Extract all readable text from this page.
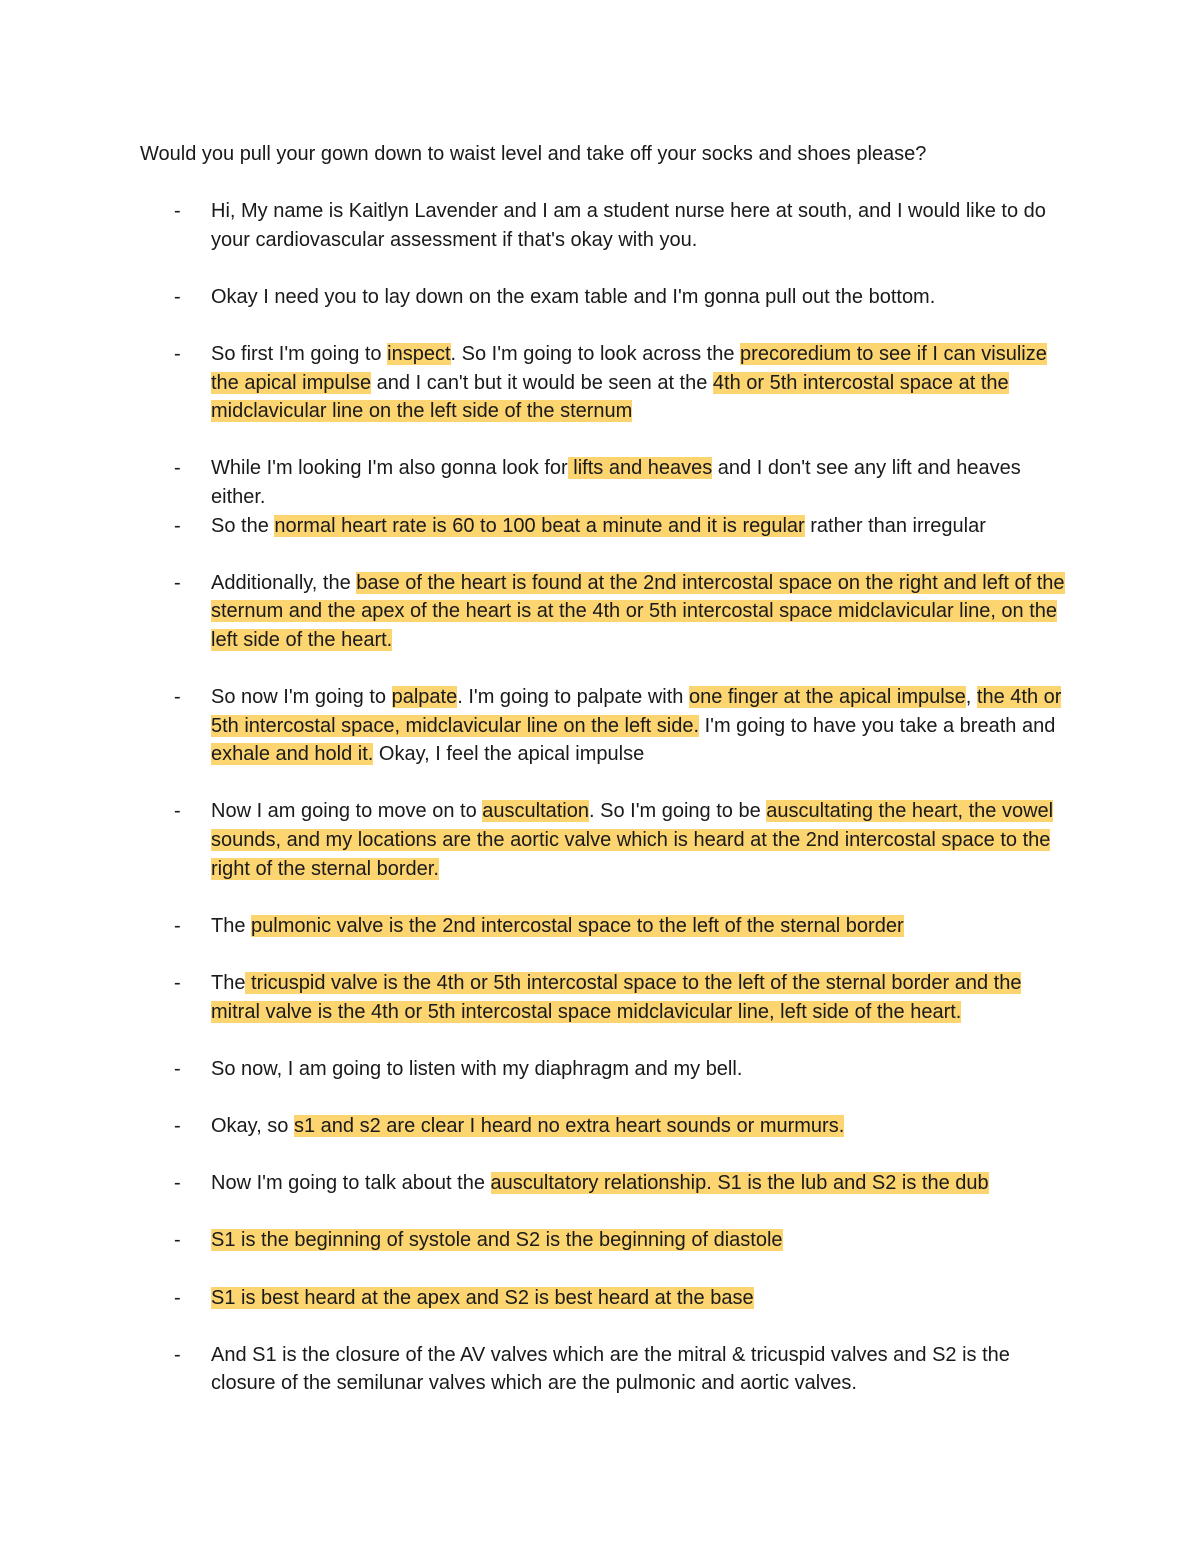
Would you pull your gown down to waist level and take off your socks and shoes please?

- Hi, My name is Kaitlyn Lavender and I am a student nurse here at south, and I would like to do your cardiovascular assessment if that's okay with you.
- Okay I need you to lay down on the exam table and I'm gonna pull out the bottom.
- So first I'm going to inspect. So I'm going to look across the precoredium to see if I can visulize the apical impulse and I can't but it would be seen at the 4th or 5th intercostal space at the midclavicular line on the left side of the sternum
- While I'm looking I'm also gonna look for lifts and heaves and I don't see any lift and heaves either.
- So the normal heart rate is 60 to 100 beat a minute and it is regular rather than irregular
- Additionally, the base of the heart is found at the 2nd intercostal space on the right and left of the sternum and the apex of the heart is at the 4th or 5th intercostal space midclavicular line, on the left side of the heart.
- So now I'm going to palpate. I'm going to palpate with one finger at the apical impulse, the 4th or 5th intercostal space, midclavicular line on the left side. I'm going to have you take a breath and exhale and hold it. Okay, I feel the apical impulse
- Now I am going to move on to auscultation. So I'm going to be auscultating the heart, the vowel sounds, and my locations are the aortic valve which is heard at the 2nd intercostal space to the right of the sternal border.
- The pulmonic valve is the 2nd intercostal space to the left of the sternal border
- The tricuspid valve is the 4th or 5th intercostal space to the left of the sternal border and the mitral valve is the 4th or 5th intercostal space midclavicular line, left side of the heart.
- So now, I am going to listen with my diaphragm and my bell.
- Okay, so s1 and s2 are clear I heard no extra heart sounds or murmurs.
- Now I'm going to talk about the auscultatory relationship. S1 is the lub and S2 is the dub
- S1 is the beginning of systole and S2 is the beginning of diastole
- S1 is best heard at the apex and S2 is best heard at the base
- And S1 is the closure of the AV valves which are the mitral & tricuspid valves and S2 is the closure of the semilunar valves which are the pulmonic and aortic valves.
